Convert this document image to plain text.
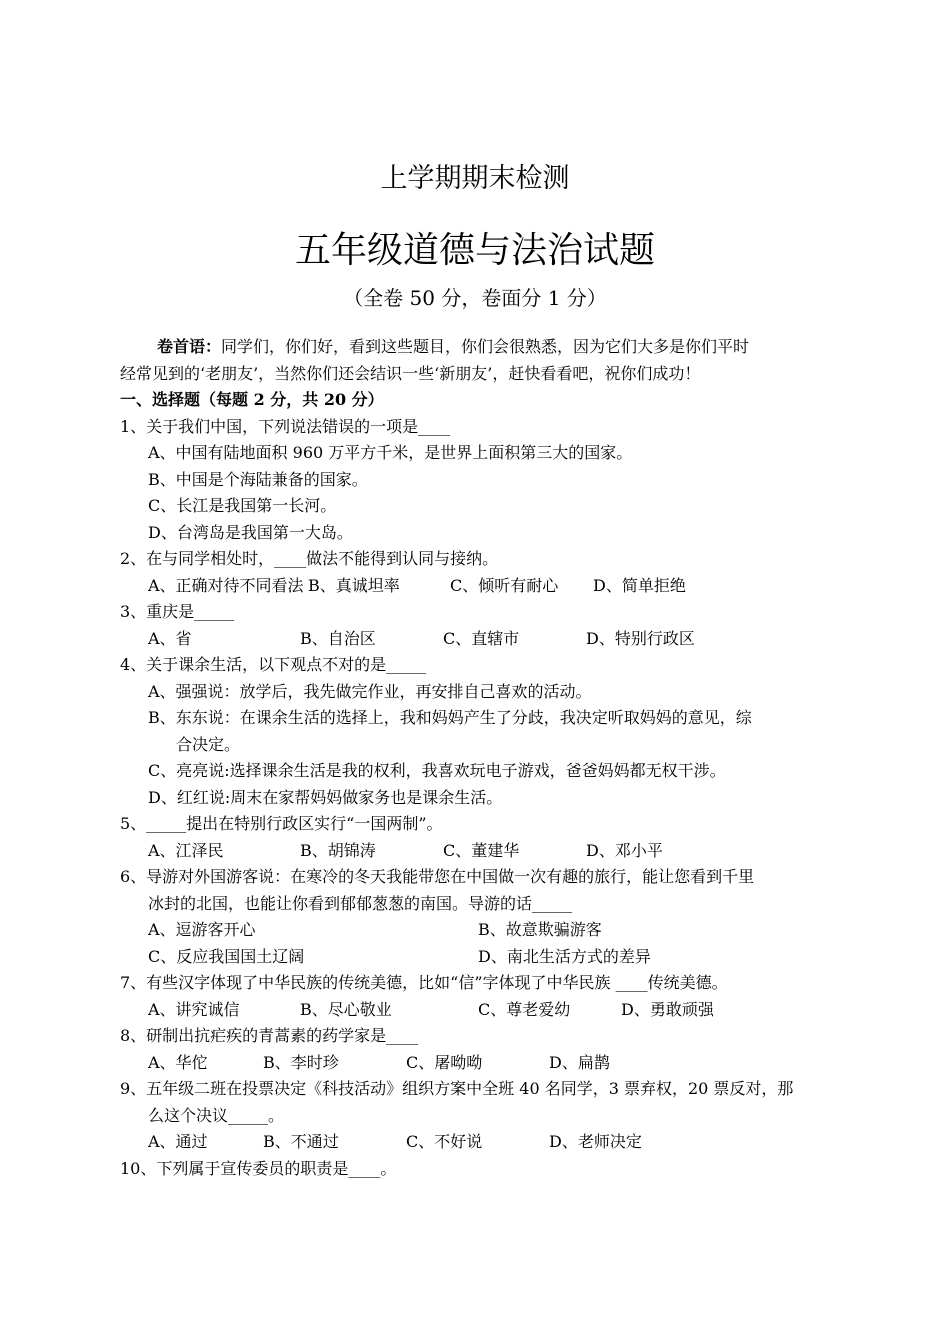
上学期期末检测
五年级道德与法治试题
（全卷 50 分，卷面分 1 分）
卷首语：同学们，你们好，看到这些题目，你们会很熟悉，因为它们大多是你们平时
经常见到的‘老朋友’，当然你们还会结识一些‘新朋友’，赶快看看吧，祝你们成功！
一、选择题（每题 2 分，共 20 分）
1、关于我们中国，下列说法错误的一项是____
A、中国有陆地面积 960 万平方千米，是世界上面积第三大的国家。
B、中国是个海陆兼备的国家。
C、长江是我国第一长河。
D、台湾岛是我国第一大岛。
2、在与同学相处时，____做法不能得到认同与接纳。
A、正确对待不同看法 B、真诚坦率	C、倾听有耐心	D、简单拒绝
3、重庆是_____
A、省	B、自治区	C、直辖市	D、特别行政区
4、关于课余生活，以下观点不对的是_____
A、强强说：放学后，我先做完作业，再安排自己喜欢的活动。
B、东东说：在课余生活的选择上，我和妈妈产生了分歧，我决定听取妈妈的意见，综
合决定。
C、亮亮说:选择课余生活是我的权利，我喜欢玩电子游戏，爸爸妈妈都无权干涉。
D、红红说:周末在家帮妈妈做家务也是课余生活。
5、_____提出在特别行政区实行“一国两制”。
A、江泽民	B、胡锦涛	C、董建华	D、邓小平
6、导游对外国游客说：在寒冷的冬天我能带您在中国做一次有趣的旅行，能让您看到千里
冰封的北国，也能让你看到郁郁葱葱的南国。导游的话_____
A、逗游客开心	B、故意欺骗游客
C、反应我国国土辽阔	D、南北生活方式的差异
7、有些汉字体现了中华民族的传统美德，比如“信”字体现了中华民族 ____传统美德。
A、讲究诚信	B、尽心敬业	C、尊老爱幼	D、勇敢顽强
8、研制出抗疟疾的青蒿素的药学家是____
A、华佗	B、李时珍	C、屠呦呦	D、扁鹊
9、五年级二班在投票决定《科技活动》组织方案中全班 40 名同学，3 票弃权，20 票反对，那
么这个决议_____。
A、通过	B、不通过	C、不好说	D、老师决定
10、下列属于宣传委员的职责是____。
